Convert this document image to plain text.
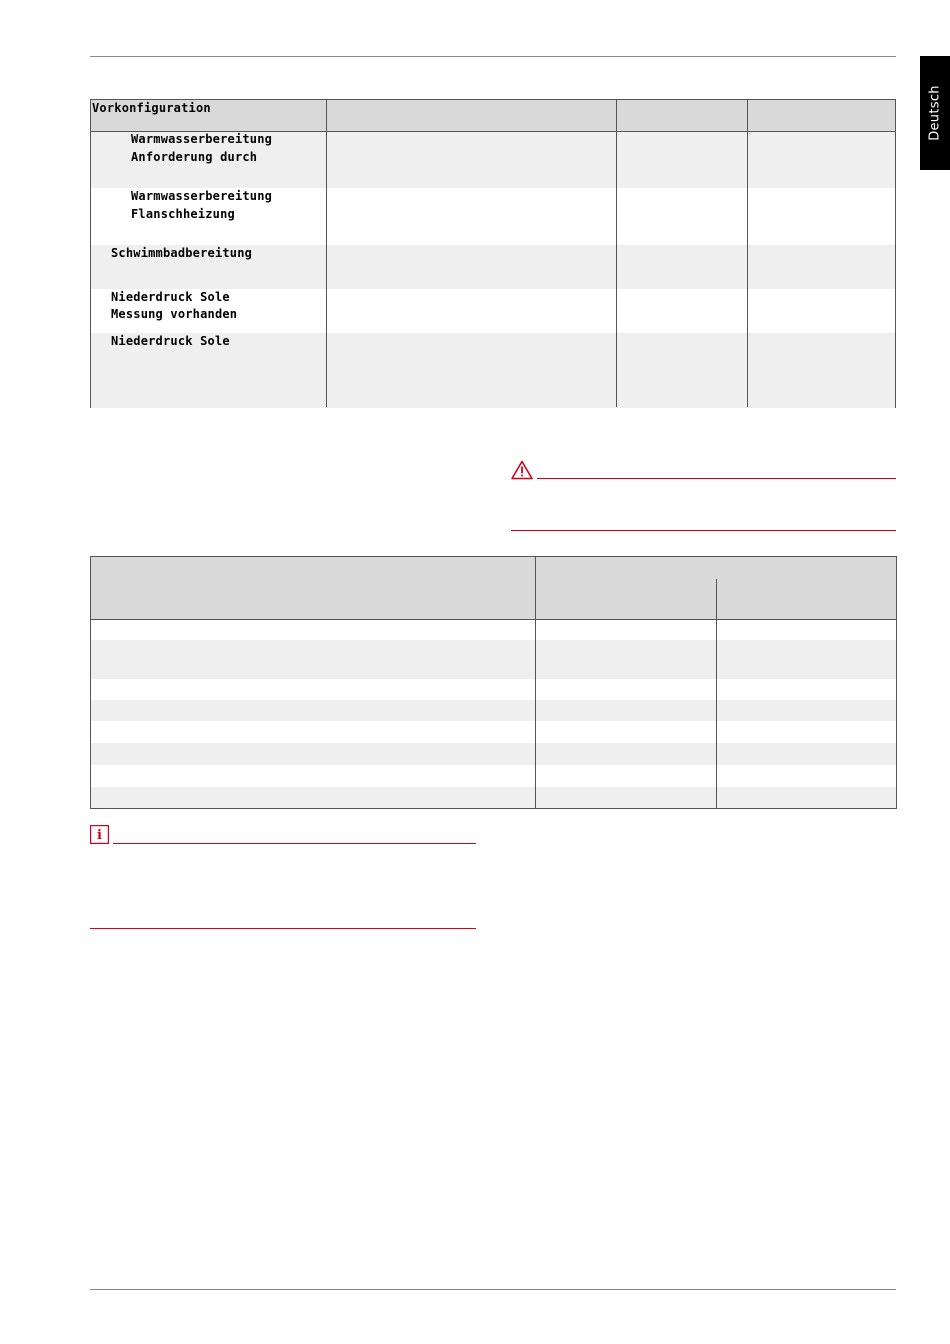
Deutsch
Vorkonfiguration
Warmwasserbereitung
Anforderung durch
Warmwasserbereitung
Flanschheizung
Schwimmbadbereitung
Niederdruck Sole
Messung vorhanden
Niederdruck Sole
i
